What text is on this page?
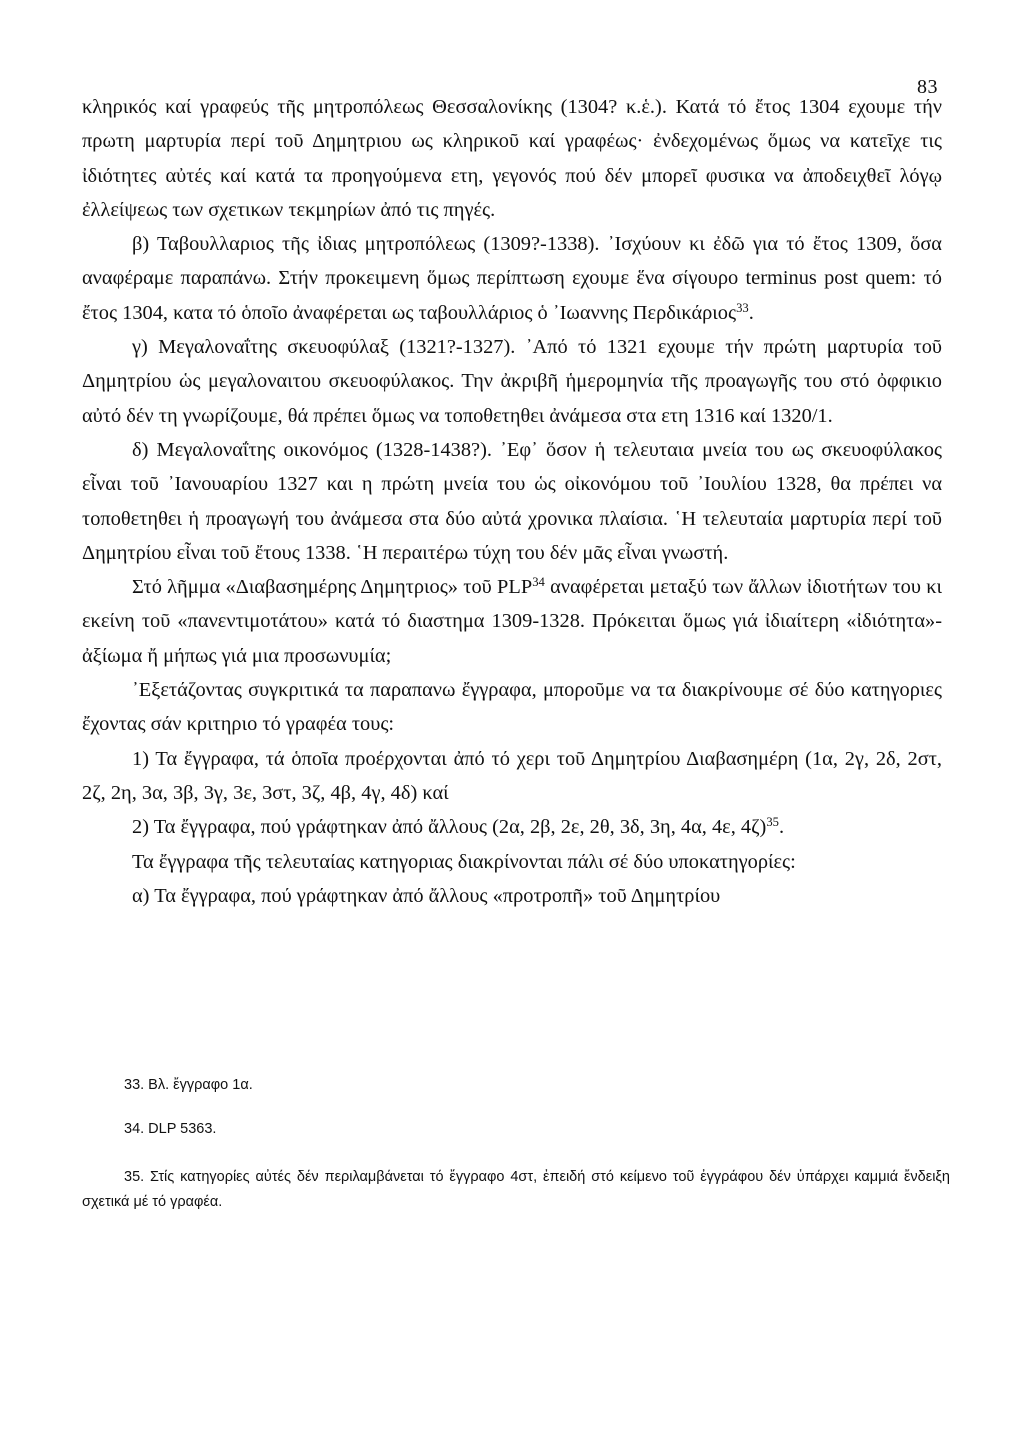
83

κληρικός καί γραφεύς τῆς μητροπόλεως Θεσσαλονίκης (1304? κ.ἑ.). Κατά τό ἔτος 1304 εχουμε τήν πρωτη μαρτυρία περί τοῦ Δημητριου ως κληρικοῦ καί γραφέως· ἐνδεχομένως ὅμως να κατεῖχε τις ἰδιότητες αὐτές καί κατά τα προηγούμενα ετη, γεγονός πού δέν μπορεῖ φυσικα να ἀποδειχθεῖ λόγῳ ἐλλείψεως των σχετικων τεκμηρίων ἀπό τις πηγές.

β) Ταβουλλαριος τῆς ἰδιας μητροπόλεως (1309?-1338). ᾿Ισχύουν κι ἐδῶ για τό ἔτος 1309, ὅσα αναφέραμε παραπάνω. Στήν προκειμενη ὅμως περίπτωση εχουμε ἕνα σίγουρο terminus post quem: τό ἔτος 1304, κατα τό ὁποῖο ἀναφέρεται ως ταβουλλάριος ὁ ᾿Ιωαννης Περδικάριος$^{33}$.

γ) Μεγαλοναΐτης σκευοφύλαξ (1321?-1327). ᾿Από τό 1321 εχουμε τήν πρώτη μαρτυρία τοῦ Δημητρίου ὡς μεγαλοναιτου σκευοφύλακος. Την ἀκριβῆ ἡμερομηνία τῆς προαγωγῆς του στό ὀφφικιο αὐτό δέν τη γνωρίζουμε, θά πρέπει ὅμως να τοποθετηθει ἀνάμεσα στα ετη 1316 καί 1320/1.

δ) Μεγαλοναΐτης οικονόμος (1328-1438?). ᾿Εφ᾿ ὅσον ἡ τελευταια μνεία του ως σκευοφύλακος εἶναι τοῦ ᾿Ιανουαρίου 1327 και η πρώτη μνεία του ὡς οἰκονόμου τοῦ ᾿Ιουλίου 1328, θα πρέπει να τοποθετηθει ἡ προαγωγή του ἀνάμεσα στα δύο αὐτά χρονικα πλαίσια. ῾Η τελευταία μαρτυρία περί τοῦ Δημητρίου εἶναι τοῦ ἔτους 1338. ῾Η περαιτέρω τύχη του δέν μᾶς εἶναι γνωστή.

Στό λῆμμα «Διαβασημέρης Δημητριος» τοῦ PLP$^{34}$ αναφέρεται μεταξύ των ἄλλων ἰδιοτήτων του κι εκείνη τοῦ «πανεντιμοτάτου» κατά τό διαστημα 1309-1328. Πρόκειται ὅμως γιά ἰδιαίτερη «ἰδιότητα»-ἀξίωμα ἤ μήπως γιά μια προσωνυμία;

᾿Εξετάζοντας συγκριτικά τα παραπανω ἔγγραφα, μποροῦμε να τα διακρίνουμε σέ δύο κατηγοριες ἔχοντας σάν κριτηριο τό γραφέα τους:

1) Τα ἔγγραφα, τά ὁποῖα προέρχονται ἀπό τό χερι τοῦ Δημητρίου Διαβασημέρη (1α, 2γ, 2δ, 2στ, 2ζ, 2η, 3α, 3β, 3γ, 3ε, 3στ, 3ζ, 4β, 4γ, 4δ) καί

2) Τα ἔγγραφα, πού γράφτηκαν ἀπό ἄλλους (2α, 2β, 2ε, 2θ, 3δ, 3η, 4α, 4ε, 4ζ)$^{35}$.

Τα ἔγγραφα τῆς τελευταίας κατηγοριας διακρίνονται πάλι σέ δύο υποκατηγορίες:

α) Τα ἔγγραφα, πού γράφτηκαν ἀπό ἄλλους «προτροπῆ» τοῦ Δημητρίου

33. Βλ. ἔγγραφο 1α.

34. DLP 5363.

35. Στίς κατηγορίες αὐτές δέν περιλαμβάνεται τό ἔγγραφο 4στ, ἐπειδή στό κείμενο τοῦ ἐγγράφου δέν ὑπάρχει καμμιά ἔνδειξη σχετικά μέ τό γραφέα.
